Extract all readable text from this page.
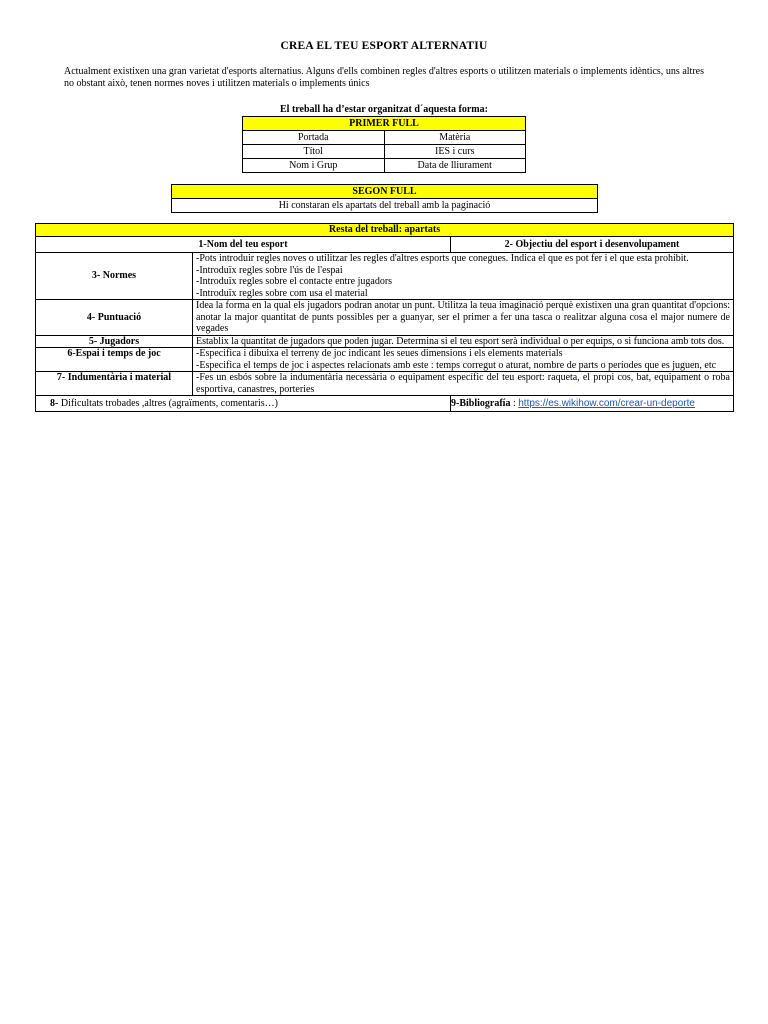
CREA EL TEU ESPORT ALTERNATIU
Actualment existixen una gran varietat d'esports alternatius. Alguns d'ells combinen regles d'altres esports o utilitzen materials o implements idèntics, uns altres no obstant això, tenen normes noves i utilitzen materials o implements únics
El treball ha d’estar organitzat d´aquesta forma:
PRIMER FULL	
Portada	Matèria
Títol	IES i curs
Nom i Grup	Data de lliurament
SEGON FULL
Hi constaran els apartats del treball amb la paginació
Resta del treball: apartats		
1-Nom del teu esport		2- Objectiu del esport i desenvolupament
3- Normes	-Pots introduir regles noves o utilitzar les regles d'altres esports que conegues. Indica el que es pot fer i el que esta prohibit.
-Introduïx regles sobre l'ús de l'espai
-Introduïx regles sobre el contacte entre jugadors
-Introduïx regles sobre com usa el material	

4- Puntuació	Idea la forma en la qual els jugadors podran anotar un punt. Utilitza la teua imaginació perquè existixen una gran quantitat d'opcions: anotar la major quantitat de punts possibles per a guanyar, ser el primer a fer una tasca o realitzar alguna cosa el major numere de vegades	

5- Jugadors	Establix la quantitat de jugadors que poden jugar. Determina si el teu esport serà individual o per equips, o si funciona amb tots dos.	

6-Espai i temps de joc	-Especifica i dibuixa el terreny de joc indicant les seues dimensions i els elements materials
-Especifica el temps de joc i aspectes relacionats amb este : temps corregut o aturat, nombre de parts o períodes que es juguen, etc	

7- Indumentària i material	-Fes un esbós sobre la indumentària necessària o equipament específic del teu esport: raqueta, el propi cos, bat, equipament o roba esportiva, canastres, porteries	

8- Dificultats trobades ,altres (agraïments, comentaris…)		9-Bibliografía : https://es.wikihow.com/crear-un-deporte
